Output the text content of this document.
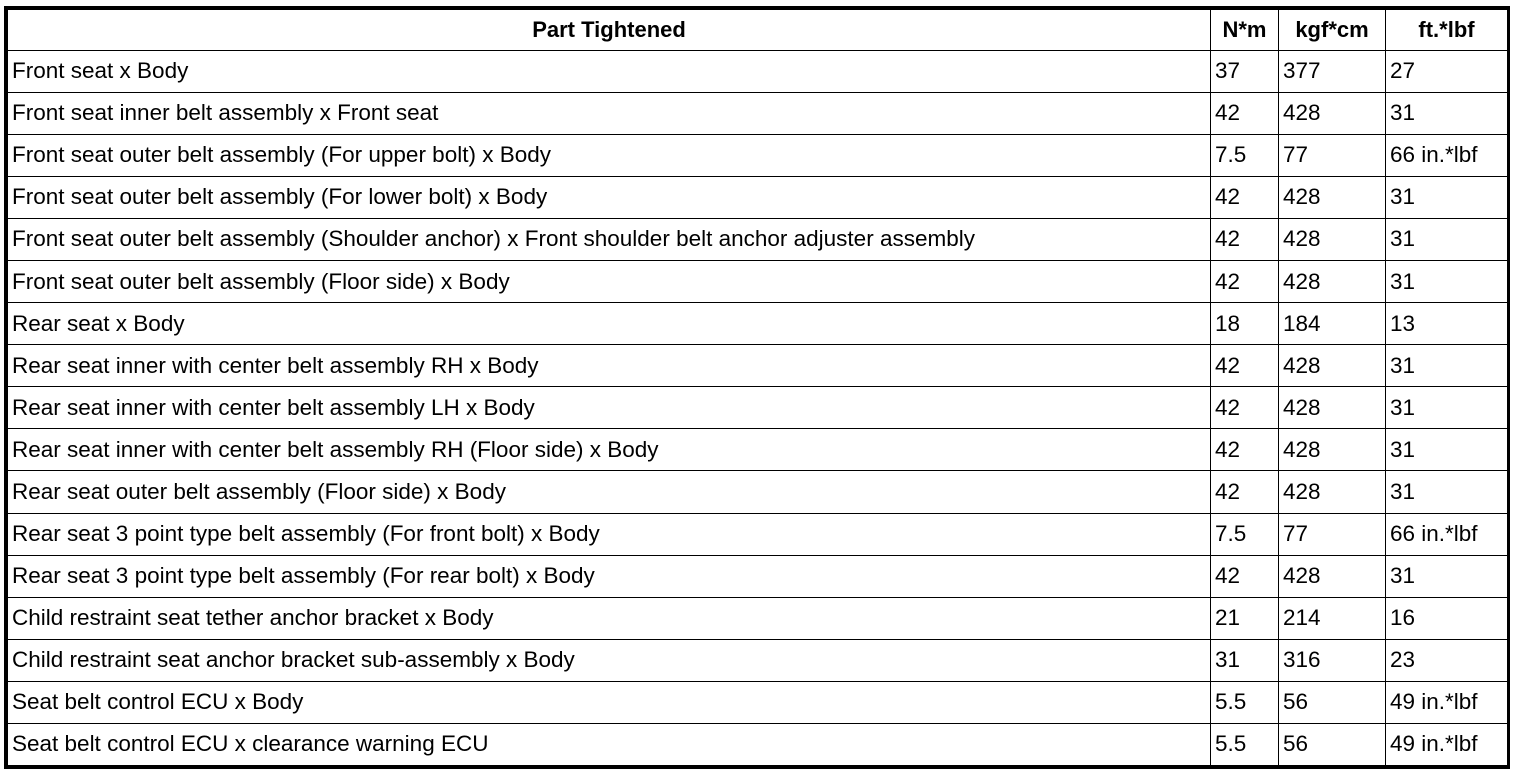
Part Tightened	N*m	kgf*cm	ft.*lbf
Front seat x Body	37	377	27
Front seat inner belt assembly x Front seat	42	428	31
Front seat outer belt assembly (For upper bolt) x Body	7.5	77	66 in.*lbf
Front seat outer belt assembly (For lower bolt) x Body	42	428	31
Front seat outer belt assembly (Shoulder anchor) x Front shoulder belt anchor adjuster assembly	42	428	31
Front seat outer belt assembly (Floor side) x Body	42	428	31
Rear seat x Body	18	184	13
Rear seat inner with center belt assembly RH x Body	42	428	31
Rear seat inner with center belt assembly LH x Body	42	428	31
Rear seat inner with center belt assembly RH (Floor side) x Body	42	428	31
Rear seat outer belt assembly (Floor side) x Body	42	428	31
Rear seat 3 point type belt assembly (For front bolt) x Body	7.5	77	66 in.*lbf
Rear seat 3 point type belt assembly (For rear bolt) x Body	42	428	31
Child restraint seat tether anchor bracket x Body	21	214	16
Child restraint seat anchor bracket sub-assembly x Body	31	316	23
Seat belt control ECU x Body	5.5	56	49 in.*lbf
Seat belt control ECU x clearance warning ECU	5.5	56	49 in.*lbf
